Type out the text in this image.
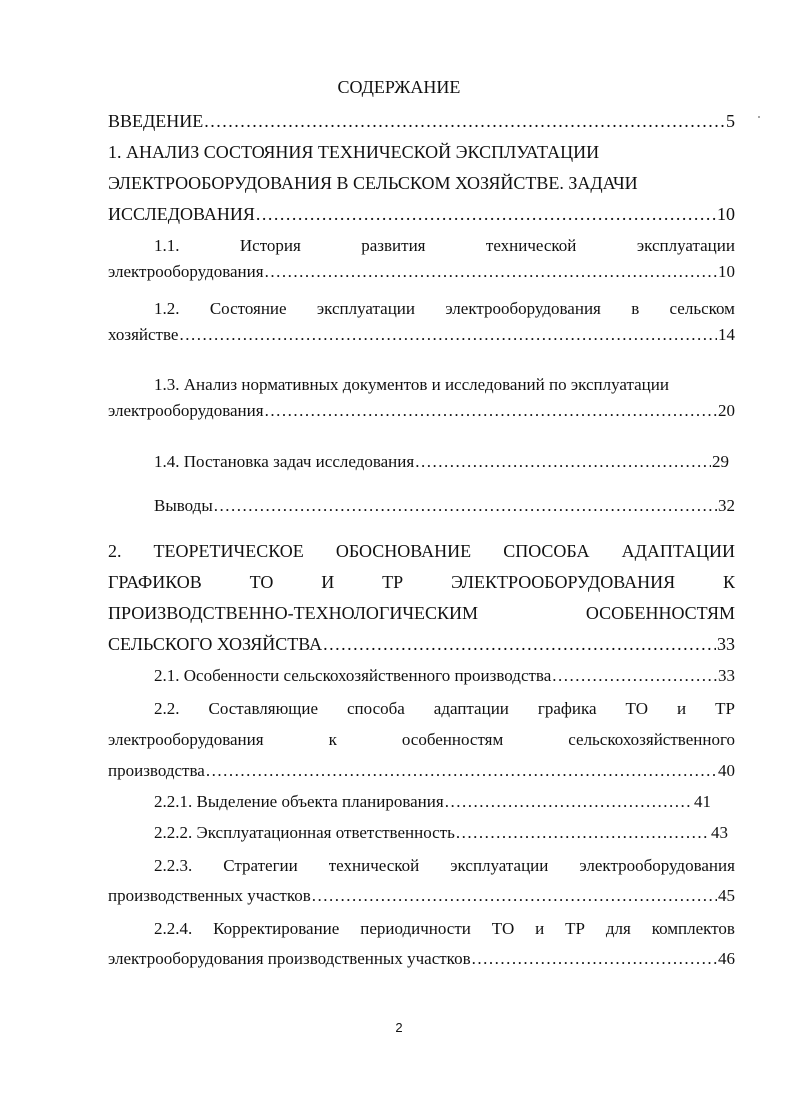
СОДЕРЖАНИЕ
ВВЕДЕНИЕ .....	5
1. АНАЛИЗ СОСТОЯНИЯ ТЕХНИЧЕСКОЙ ЭКСПЛУАТАЦИИ
ЭЛЕКТРООБОРУДОВАНИЯ В СЕЛЬСКОМ ХОЗЯЙСТВЕ. ЗАДАЧИ
ИССЛЕДОВАНИЯ .....	10
1.1.	История	развития	технической	эксплуатации
электрооборудования .....	10
1.2. Состояние эксплуатации электрооборудования в сельском
хозяйстве .....	14
1.3. Анализ нормативных документов и исследований по эксплуатации
электрооборудования .....	20
1.4. Постановка задач исследования .....	29
Выводы .....	32
2. ТЕОРЕТИЧЕСКОЕ ОБОСНОВАНИЕ СПОСОБА АДАПТАЦИИ
ГРАФИКОВ	ТО	И	ТР	ЭЛЕКТРООБОРУДОВАНИЯ	К
ПРОИЗВОДСТВЕННО-ТЕХНОЛОГИЧЕСКИМ	ОСОБЕННОСТЯМ
СЕЛЬСКОГО ХОЗЯЙСТВА .....	33
2.1. Особенности сельскохозяйственного производства .....	33
2.2. Составляющие способа адаптации графика ТО и ТР
электрооборудования	к	особенностям	сельскохозяйственного
производства .....	40
2.2.1. Выделение объекта планирования .....	41
2.2.2. Эксплуатационная ответственность .....	43
2.2.3. Стратегии технической эксплуатации электрооборудования
производственных участков .....	45
2.2.4. Корректирование периодичности ТО и ТР для комплектов
электрооборудования производственных участков .....	46
2
